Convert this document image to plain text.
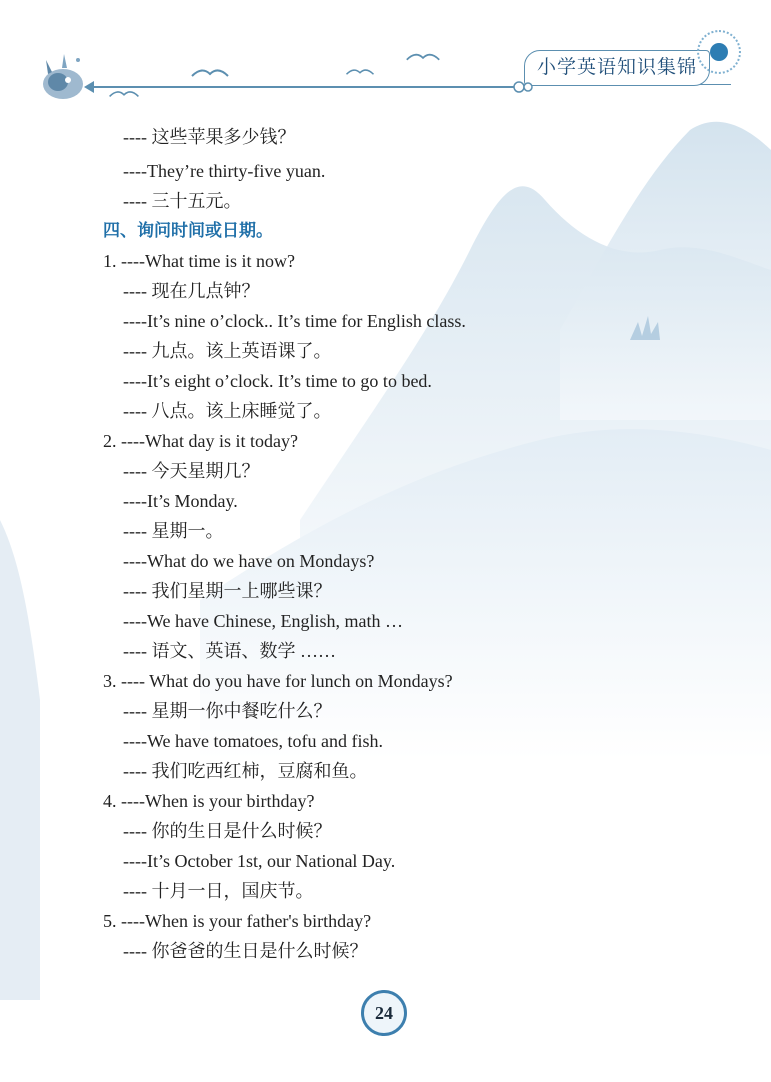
小学英语知识集锦
---- 这些苹果多少钱？
----They’re thirty-five yuan.
---- 三十五元。
四、询问时间或日期。
1. ----What time is it now?
---- 现在几点钟？
----It’s nine o’clock.. It’s time for English class.
---- 九点。该上英语课了。
----It’s eight o’clock. It’s time to go to bed.
---- 八点。该上床睡觉了。
2. ----What day is it today?
---- 今天星期几？
----It’s Monday.
---- 星期一。
----What do we have on Mondays?
---- 我们星期一上哪些课？
----We have Chinese, English, math …
---- 语文、英语、数学 ……
3. ---- What do you have for lunch on Mondays?
---- 星期一你中餐吃什么？
----We have tomatoes, tofu and fish.
---- 我们吃西红柿，豆腐和鱼。
4. ----When is your birthday?
---- 你的生日是什么时候？
----It’s October 1st, our National Day.
---- 十月一日，国庆节。
5. ----When is your father's birthday?
---- 你爸爸的生日是什么时候？
24
